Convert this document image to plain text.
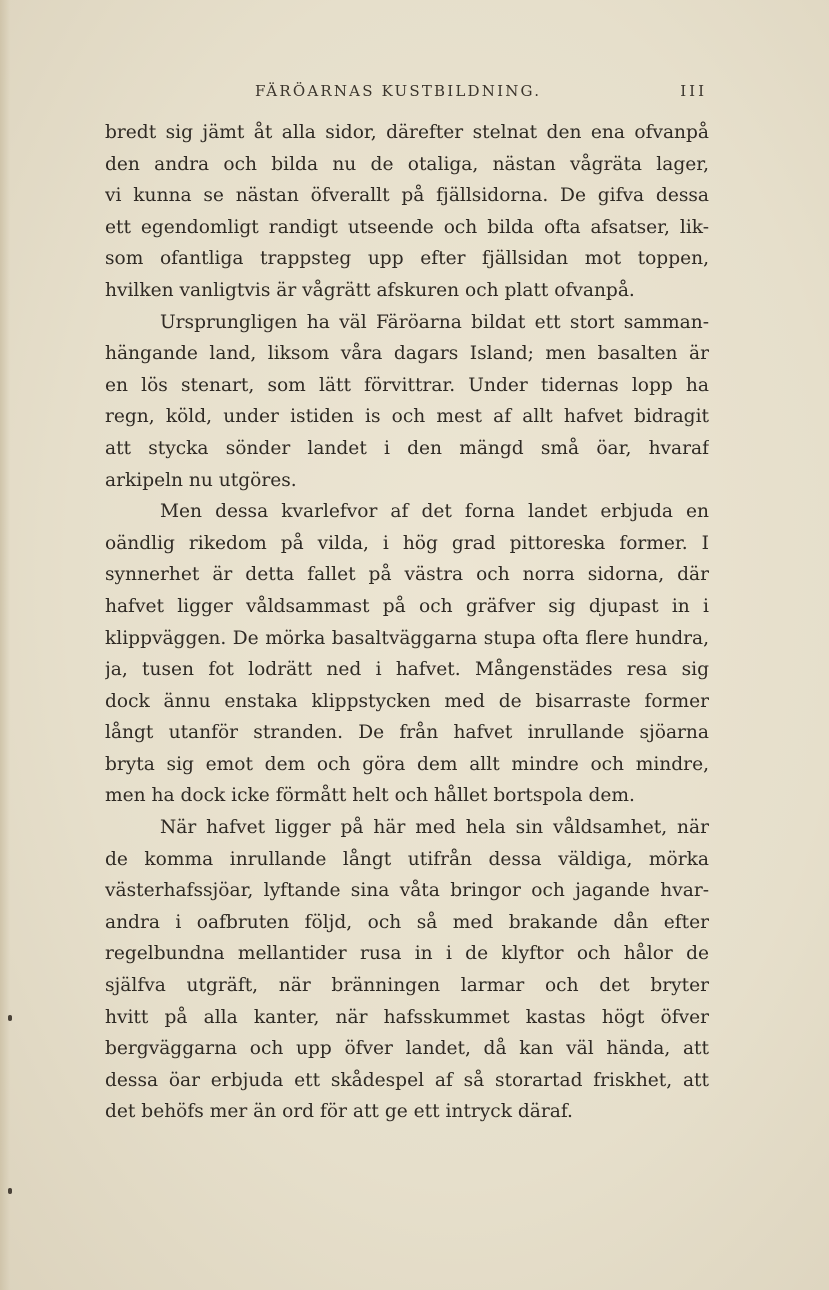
FÄRÖARNAS KUSTBILDNING.	III
bredt sig jämt åt alla sidor, därefter stelnat den ena ofvanpå
den andra och bilda nu de otaliga, nästan vågräta lager,
vi kunna se nästan öfverallt på fjällsidorna. De gifva dessa
ett egendomligt randigt utseende och bilda ofta afsatser, lik-
som ofantliga trappsteg upp efter fjällsidan mot toppen,
hvilken vanligtvis är vågrätt afskuren och platt ofvanpå.
Ursprungligen ha väl Färöarna bildat ett stort samman-
hängande land, liksom våra dagars Island; men basalten är
en lös stenart, som lätt förvittrar. Under tidernas lopp ha
regn, köld, under istiden is och mest af allt hafvet bidragit
att stycka sönder landet i den mängd små öar, hvaraf
arkipeln nu utgöres.
Men dessa kvarlefvor af det forna landet erbjuda en
oändlig rikedom på vilda, i hög grad pittoreska former. I
synnerhet är detta fallet på västra och norra sidorna, där
hafvet ligger våldsammast på och gräfver sig djupast in i
klippväggen. De mörka basaltväggarna stupa ofta flere hundra,
ja, tusen fot lodrätt ned i hafvet. Mångenstädes resa sig
dock ännu enstaka klippstycken med de bisarraste former
långt utanför stranden. De från hafvet inrullande sjöarna
bryta sig emot dem och göra dem allt mindre och mindre,
men ha dock icke förmått helt och hållet bortspola dem.
När hafvet ligger på här med hela sin våldsamhet, när
de komma inrullande långt utifrån dessa väldiga, mörka
västerhafssjöar, lyftande sina våta bringor och jagande hvar-
andra i oafbruten följd, och så med brakande dån efter
regelbundna mellantider rusa in i de klyftor och hålor de
själfva utgräft, när bränningen larmar och det bryter
hvitt på alla kanter, när hafsskummet kastas högt öfver
bergväggarna och upp öfver landet, då kan väl hända, att
dessa öar erbjuda ett skådespel af så storartad friskhet, att
det behöfs mer än ord för att ge ett intryck däraf.
